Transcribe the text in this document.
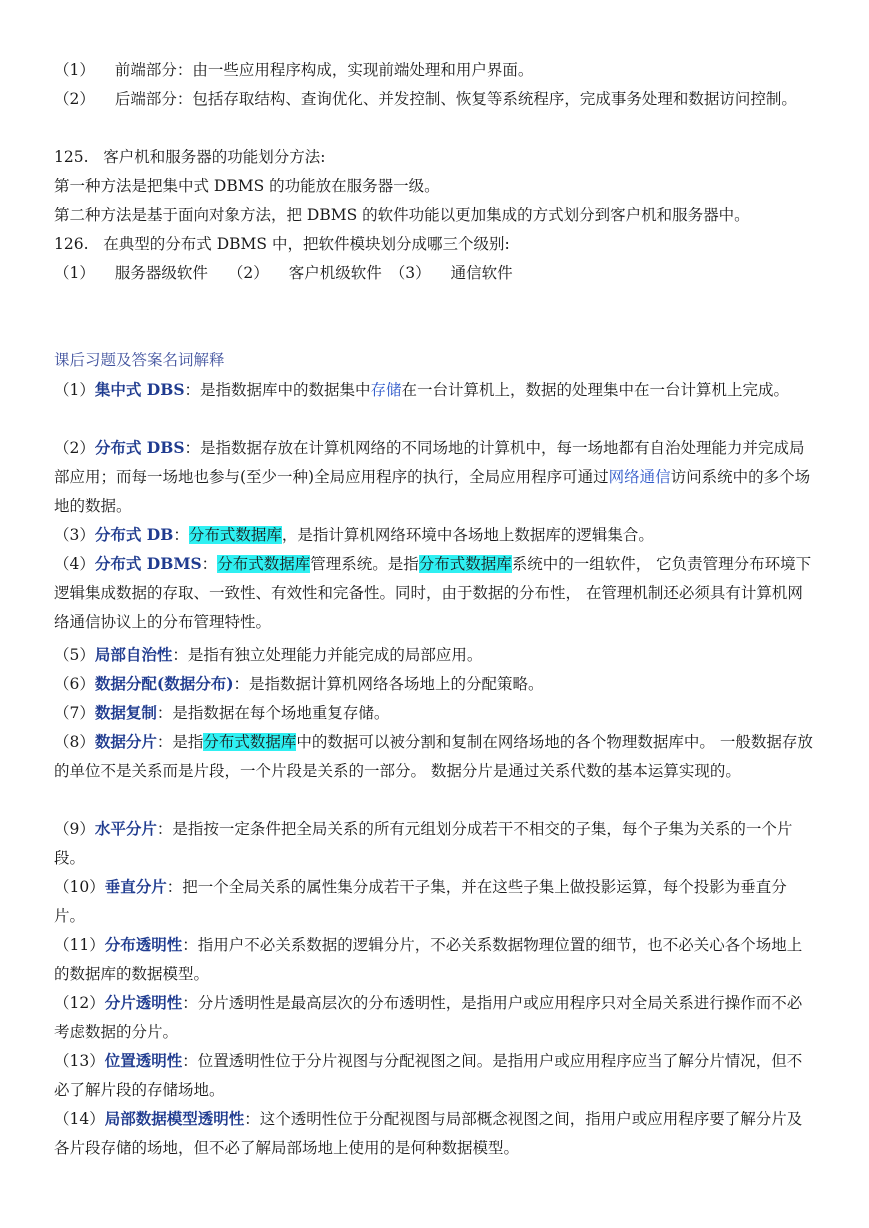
（1） 前端部分：由一些应用程序构成，实现前端处理和用户界面。

（2） 后端部分：包括存取结构、查询优化、并发控制、恢复等系统程序，完成事务处理和数据访问控制。

125.   客户机和服务器的功能划分方法:

第一种方法是把集中式 DBMS 的功能放在服务器一级。

第二种方法是基于面向对象方法，把 DBMS 的软件功能以更加集成的方式划分到客户机和服务器中。

126.   在典型的分布式 DBMS 中，把软件模块划分成哪三个级别:

（1） 服务器级软件 （2） 客户机级软件 （3） 通信软件

课后习题及答案名词解释

（1）集中式 DBS：是指数据库中的数据集中存储在一台计算机上，数据的处理集中在一台计算机上完成。

（2）分布式 DBS：是指数据存放在计算机网络的不同场地的计算机中，每一场地都有自治处理能力并完成局部应用；而每一场地也参与(至少一种)全局应用程序的执行，全局应用程序可通过网络通信访问系统中的多个场地的数据。

（3）分布式 DB：分布式数据库，是指计算机网络环境中各场地上数据库的逻辑集合。

（4）分布式 DBMS：分布式数据库管理系统。是指分布式数据库系统中的一组软件， 它负责管理分布环境下逻辑集成数据的存取、一致性、有效性和完备性。同时，由于数据的分布性， 在管理机制还必须具有计算机网络通信协议上的分布管理特性。

（5）局部自治性：是指有独立处理能力并能完成的局部应用。

（6）数据分配(数据分布)：是指数据计算机网络各场地上的分配策略。

（7）数据复制：是指数据在每个场地重复存储。

（8）数据分片：是指分布式数据库中的数据可以被分割和复制在网络场地的各个物理数据库中。 一般数据存放的单位不是关系而是片段，一个片段是关系的一部分。 数据分片是通过关系代数的基本运算实现的。

（9）水平分片：是指按一定条件把全局关系的所有元组划分成若干不相交的子集，每个子集为关系的一个片段。

（10）垂直分片：把一个全局关系的属性集分成若干子集，并在这些子集上做投影运算，每个投影为垂直分片。

（11）分布透明性：指用户不必关系数据的逻辑分片，不必关系数据物理位置的细节，也不必关心各个场地上的数据库的数据模型。

（12）分片透明性：分片透明性是最高层次的分布透明性，是指用户或应用程序只对全局关系进行操作而不必考虑数据的分片。

（13）位置透明性：位置透明性位于分片视图与分配视图之间。是指用户或应用程序应当了解分片情况，但不必了解片段的存储场地。

（14）局部数据模型透明性：这个透明性位于分配视图与局部概念视图之间，指用户或应用程序要了解分片及各片段存储的场地，但不必了解局部场地上使用的是何种数据模型。
